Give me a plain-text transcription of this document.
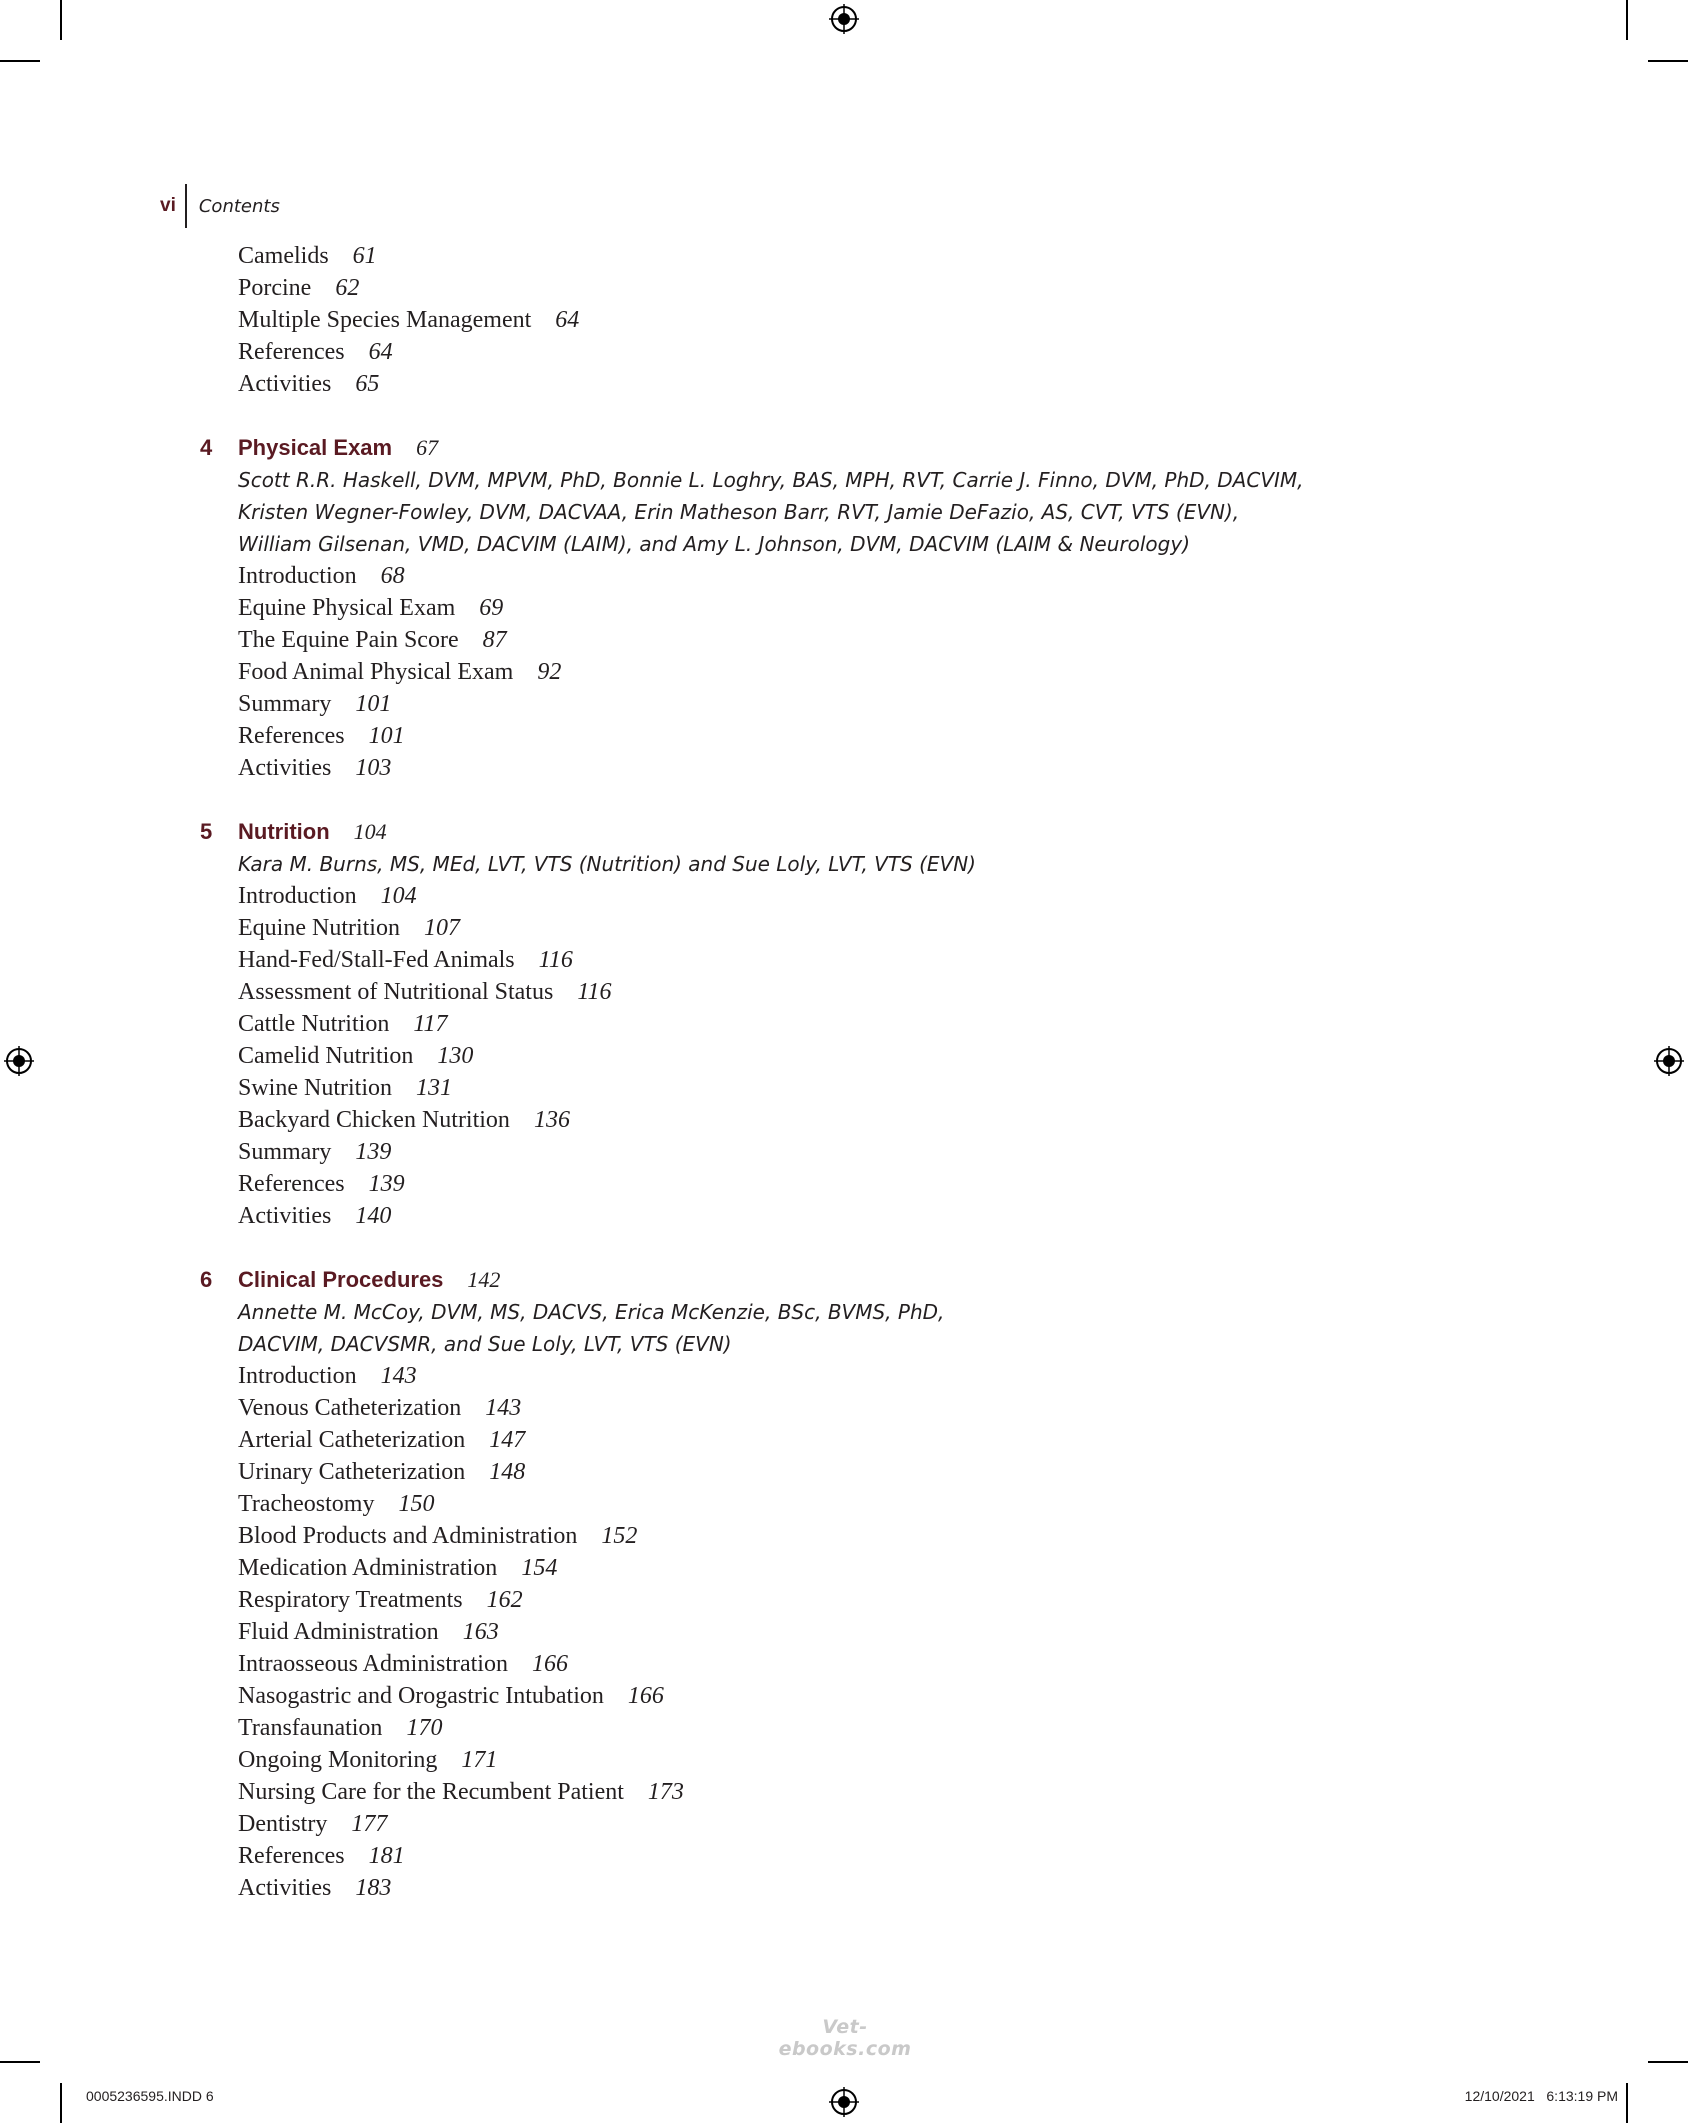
vi Contents
Camelids 61
Porcine 62
Multiple Species Management 64
References 64
Activities 65
4	Physical Exam 67
Scott R.R. Haskell, DVM, MPVM, PhD, Bonnie L. Loghry, BAS, MPH, RVT, Carrie J. Finno, DVM, PhD, DACVIM,
Kristen Wegner-Fowley, DVM, DACVAA, Erin Matheson Barr, RVT, Jamie DeFazio, AS, CVT, VTS (EVN),
William Gilsenan, VMD, DACVIM (LAIM), and Amy L. Johnson, DVM, DACVIM (LAIM & Neurology)
Introduction 68
Equine Physical Exam 69
The Equine Pain Score 87
Food Animal Physical Exam 92
Summary 101
References 101
Activities 103
5	Nutrition 104
Kara M. Burns, MS, MEd, LVT, VTS (Nutrition) and Sue Loly, LVT, VTS (EVN)
Introduction 104
Equine Nutrition 107
Hand-Fed/Stall-Fed Animals 116
Assessment of Nutritional Status 116
Cattle Nutrition 117
Camelid Nutrition 130
Swine Nutrition 131
Backyard Chicken Nutrition 136
Summary 139
References 139
Activities 140
6	Clinical Procedures 142
Annette M. McCoy, DVM, MS, DACVS, Erica McKenzie, BSc, BVMS, PhD,
DACVIM, DACVSMR, and Sue Loly, LVT, VTS (EVN)
Introduction 143
Venous Catheterization 143
Arterial Catheterization 147
Urinary Catheterization 148
Tracheostomy 150
Blood Products and Administration 152
Medication Administration 154
Respiratory Treatments 162
Fluid Administration 163
Intraosseous Administration 166
Nasogastric and Orogastric Intubation 166
Transfaunation 170
Ongoing Monitoring 171
Nursing Care for the Recumbent Patient 173
Dentistry 177
References 181
Activities 183
Vet-ebooks.com
0005236595.INDD 6	12/10/2021   6:13:19 PM
